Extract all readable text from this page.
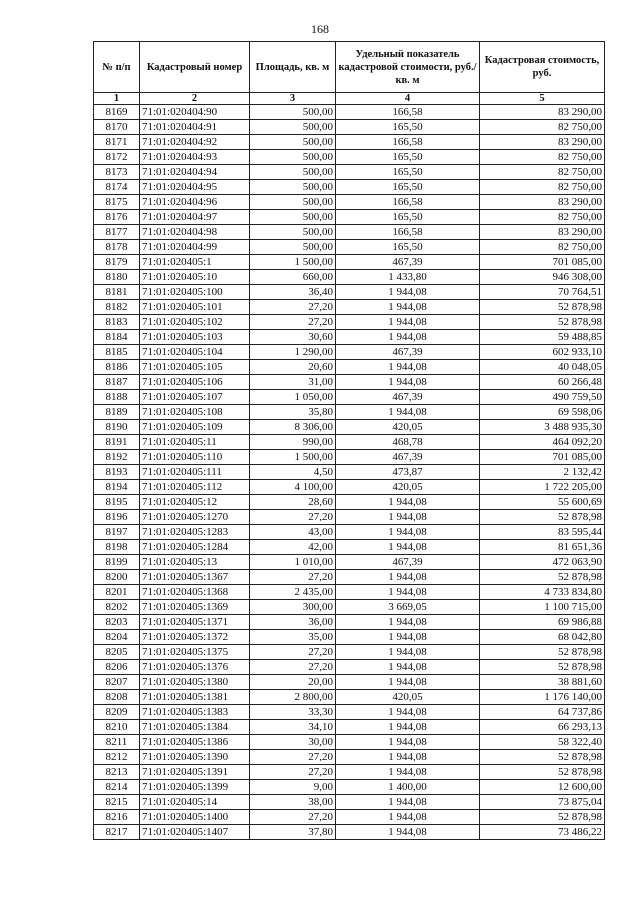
168
№ п/п	Кадастровый номер	Площадь, кв. м	Удельный показатель кадастровой стоимости, руб./кв. м	Кадастровая стоимость, руб.
1	2	3	4	5
8169	71:01:020404:90	500,00	166,58	83 290,00
8170	71:01:020404:91	500,00	165,50	82 750,00
8171	71:01:020404:92	500,00	166,58	83 290,00
8172	71:01:020404:93	500,00	165,50	82 750,00
8173	71:01:020404:94	500,00	165,50	82 750,00
8174	71:01:020404:95	500,00	165,50	82 750,00
8175	71:01:020404:96	500,00	166,58	83 290,00
8176	71:01:020404:97	500,00	165,50	82 750,00
8177	71:01:020404:98	500,00	166,58	83 290,00
8178	71:01:020404:99	500,00	165,50	82 750,00
8179	71:01:020405:1	1 500,00	467,39	701 085,00
8180	71:01:020405:10	660,00	1 433,80	946 308,00
8181	71:01:020405:100	36,40	1 944,08	70 764,51
8182	71:01:020405:101	27,20	1 944,08	52 878,98
8183	71:01:020405:102	27,20	1 944,08	52 878,98
8184	71:01:020405:103	30,60	1 944,08	59 488,85
8185	71:01:020405:104	1 290,00	467,39	602 933,10
8186	71:01:020405:105	20,60	1 944,08	40 048,05
8187	71:01:020405:106	31,00	1 944,08	60 266,48
8188	71:01:020405:107	1 050,00	467,39	490 759,50
8189	71:01:020405:108	35,80	1 944,08	69 598,06
8190	71:01:020405:109	8 306,00	420,05	3 488 935,30
8191	71:01:020405:11	990,00	468,78	464 092,20
8192	71:01:020405:110	1 500,00	467,39	701 085,00
8193	71:01:020405:111	4,50	473,87	2 132,42
8194	71:01:020405:112	4 100,00	420,05	1 722 205,00
8195	71:01:020405:12	28,60	1 944,08	55 600,69
8196	71:01:020405:1270	27,20	1 944,08	52 878,98
8197	71:01:020405:1283	43,00	1 944,08	83 595,44
8198	71:01:020405:1284	42,00	1 944,08	81 651,36
8199	71:01:020405:13	1 010,00	467,39	472 063,90
8200	71:01:020405:1367	27,20	1 944,08	52 878,98
8201	71:01:020405:1368	2 435,00	1 944,08	4 733 834,80
8202	71:01:020405:1369	300,00	3 669,05	1 100 715,00
8203	71:01:020405:1371	36,00	1 944,08	69 986,88
8204	71:01:020405:1372	35,00	1 944,08	68 042,80
8205	71:01:020405:1375	27,20	1 944,08	52 878,98
8206	71:01:020405:1376	27,20	1 944,08	52 878,98
8207	71:01:020405:1380	20,00	1 944,08	38 881,60
8208	71:01:020405:1381	2 800,00	420,05	1 176 140,00
8209	71:01:020405:1383	33,30	1 944,08	64 737,86
8210	71:01:020405:1384	34,10	1 944,08	66 293,13
8211	71:01:020405:1386	30,00	1 944,08	58 322,40
8212	71:01:020405:1390	27,20	1 944,08	52 878,98
8213	71:01:020405:1391	27,20	1 944,08	52 878,98
8214	71:01:020405:1399	9,00	1 400,00	12 600,00
8215	71:01:020405:14	38,00	1 944,08	73 875,04
8216	71:01:020405:1400	27,20	1 944,08	52 878,98
8217	71:01:020405:1407	37,80	1 944,08	73 486,22
